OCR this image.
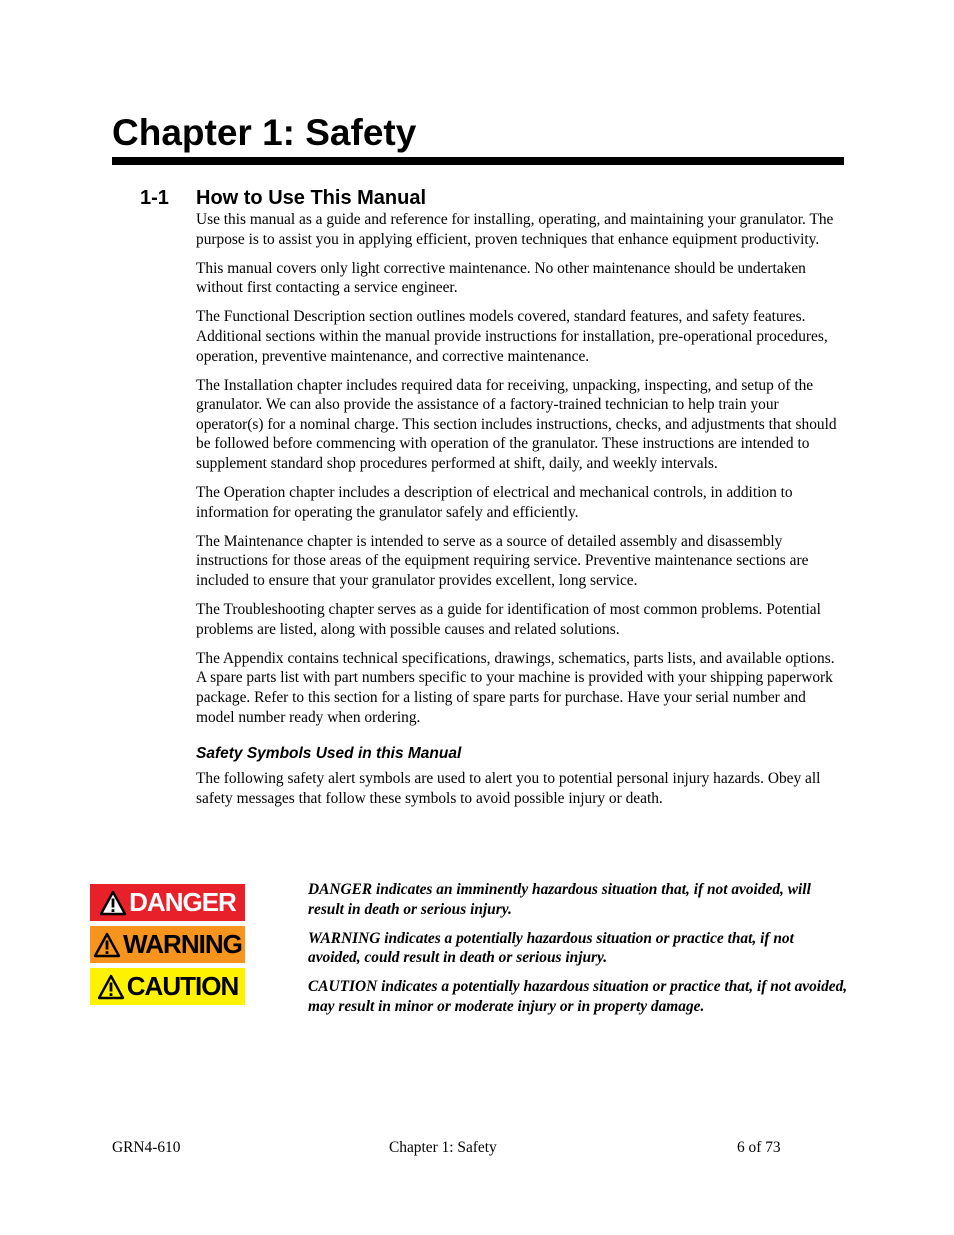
Chapter 1: Safety
1-1 How to Use This Manual

Use this manual as a guide and reference for installing, operating, and maintaining your granulator. The purpose is to assist you in applying efficient, proven techniques that enhance equipment productivity.

This manual covers only light corrective maintenance. No other maintenance should be undertaken without first contacting a service engineer.

The Functional Description section outlines models covered, standard features, and safety features. Additional sections within the manual provide instructions for installation, pre-operational procedures, operation, preventive maintenance, and corrective maintenance.

The Installation chapter includes required data for receiving, unpacking, inspecting, and setup of the granulator. We can also provide the assistance of a factory-trained technician to help train your operator(s) for a nominal charge. This section includes instructions, checks, and adjustments that should be followed before commencing with operation of the granulator. These instructions are intended to supplement standard shop procedures performed at shift, daily, and weekly intervals.

The Operation chapter includes a description of electrical and mechanical controls, in addition to information for operating the granulator safely and efficiently.

The Maintenance chapter is intended to serve as a source of detailed assembly and disassembly instructions for those areas of the equipment requiring service. Preventive maintenance sections are included to ensure that your granulator provides excellent, long service.

The Troubleshooting chapter serves as a guide for identification of most common problems. Potential problems are listed, along with possible causes and related solutions.

The Appendix contains technical specifications, drawings, schematics, parts lists, and available options. A spare parts list with part numbers specific to your machine is provided with your shipping paperwork package. Refer to this section for a listing of spare parts for purchase. Have your serial number and model number ready when ordering.

Safety Symbols Used in this Manual

The following safety alert symbols are used to alert you to potential personal injury hazards. Obey all safety messages that follow these symbols to avoid possible injury or death.

DANGER
WARNING
CAUTION

DANGER indicates an imminently hazardous situation that, if not avoided, will result in death or serious injury.

WARNING indicates a potentially hazardous situation or practice that, if not avoided, could result in death or serious injury.

CAUTION indicates a potentially hazardous situation or practice that, if not avoided, may result in minor or moderate injury or in property damage.

GRN4-610	Chapter 1: Safety	6 of 73
